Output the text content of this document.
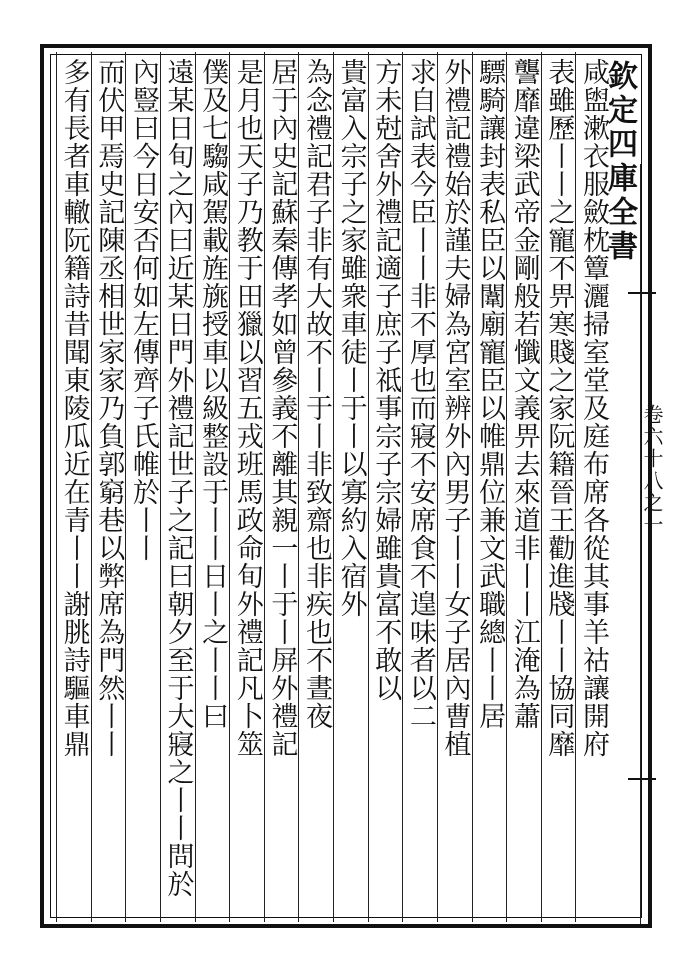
欽定四庫全書
卷六十八之一
咸盥漱衣服斂枕簟灑掃室堂及庭布席各從其事羊祜讓開府
表雖歷丨丨之寵不畀寒賤之家阮籍晉王勸進牋丨丨協同靡
讋靡違梁武帝金剛般若懺文義畀去來道非丨丨江淹為蕭
驃騎讓封表私臣以闈廟寵臣以帷鼎位兼文武職總丨丨居
外禮記禮始於謹夫婦為宮室辨外內男子丨丨女子居內曹植
求自試表今臣丨丨非不厚也而寢不安席食不遑味者以二
方未尅舍外禮記適子庶子祗事宗子宗婦雖貴富不敢以
貴富入宗子之家雖衆車徒丨于丨以寡約入宿外
為念禮記君子非有大故不丨于丨非致齋也非疾也不晝夜
居于內史記蘇秦傳孝如曾參義不離其親一丨于丨屏外禮記
是月也天子乃教于田獵以習五戎班馬政命旬外禮記凡卜筮
僕及七騶咸駕載旌旐授車以級整設于丨丨日丨之丨丨曰
遠某日旬之內曰近某日門外禮記世子之記曰朝夕至于大寢之丨丨問於
內豎曰今日安否何如左傳齊子氏帷於丨丨
而伏甲焉史記陳丞相世家家乃負郭窮巷以弊席為門然丨丨
多有長者車轍阮籍詩昔聞東陵瓜近在青丨丨謝朓詩驅車鼎
